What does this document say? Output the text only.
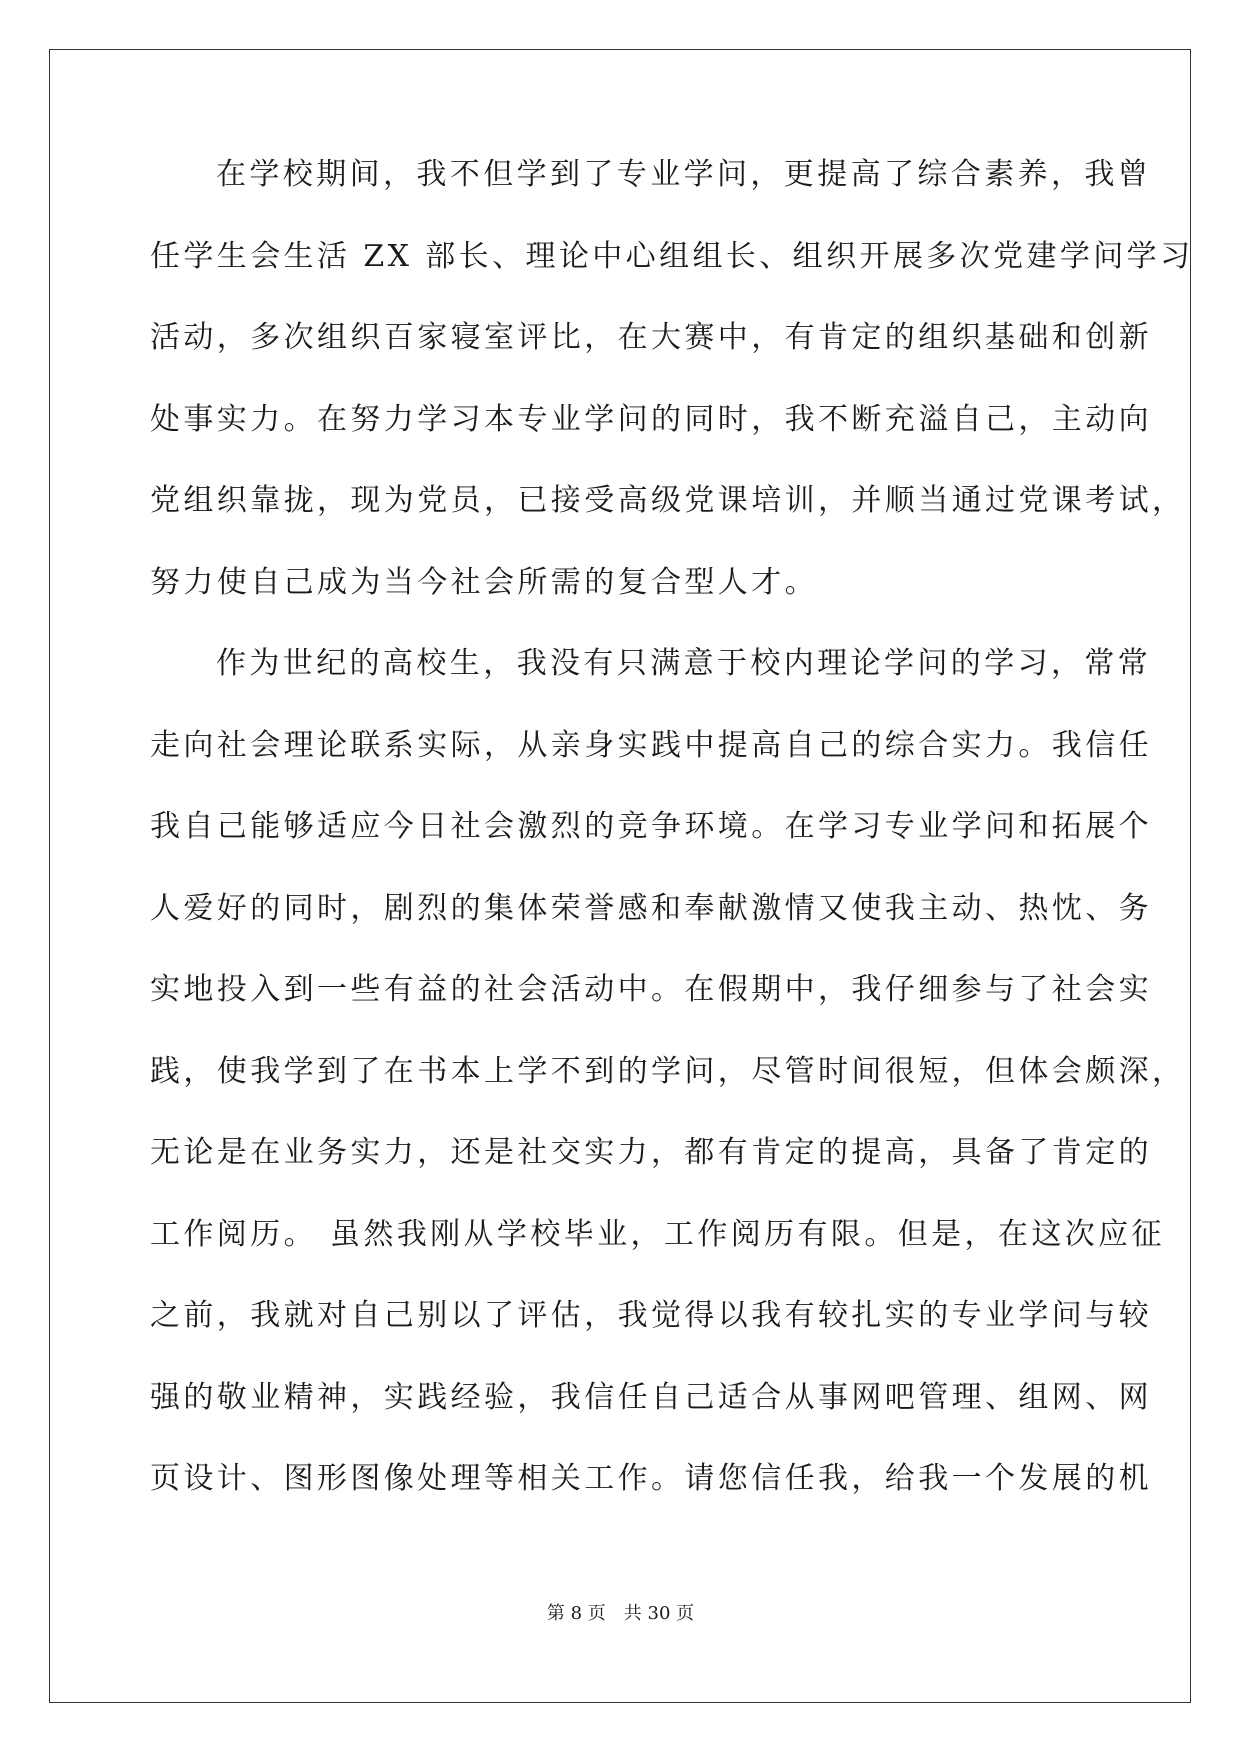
在学校期间，我不但学到了专业学问，更提高了综合素养，我曾
任学生会生活 ZX 部长、理论中心组组长、组织开展多次党建学问学习
活动，多次组织百家寝室评比，在大赛中，有肯定的组织基础和创新
处事实力。在努力学习本专业学问的同时，我不断充溢自己，主动向
党组织靠拢，现为党员，已接受高级党课培训，并顺当通过党课考试，
努力使自己成为当今社会所需的复合型人才。
作为世纪的高校生，我没有只满意于校内理论学问的学习，常常
走向社会理论联系实际，从亲身实践中提高自己的综合实力。我信任
我自己能够适应今日社会激烈的竞争环境。在学习专业学问和拓展个
人爱好的同时，剧烈的集体荣誉感和奉献激情又使我主动、热忱、务
实地投入到一些有益的社会活动中。在假期中，我仔细参与了社会实
践，使我学到了在书本上学不到的学问，尽管时间很短，但体会颇深，
无论是在业务实力，还是社交实力，都有肯定的提高，具备了肯定的
工作阅历。 虽然我刚从学校毕业，工作阅历有限。但是，在这次应征
之前，我就对自己别以了评估，我觉得以我有较扎实的专业学问与较
强的敬业精神，实践经验，我信任自己适合从事网吧管理、组网、网
页设计、图形图像处理等相关工作。请您信任我，给我一个发展的机
第 8 页 共 30 页
